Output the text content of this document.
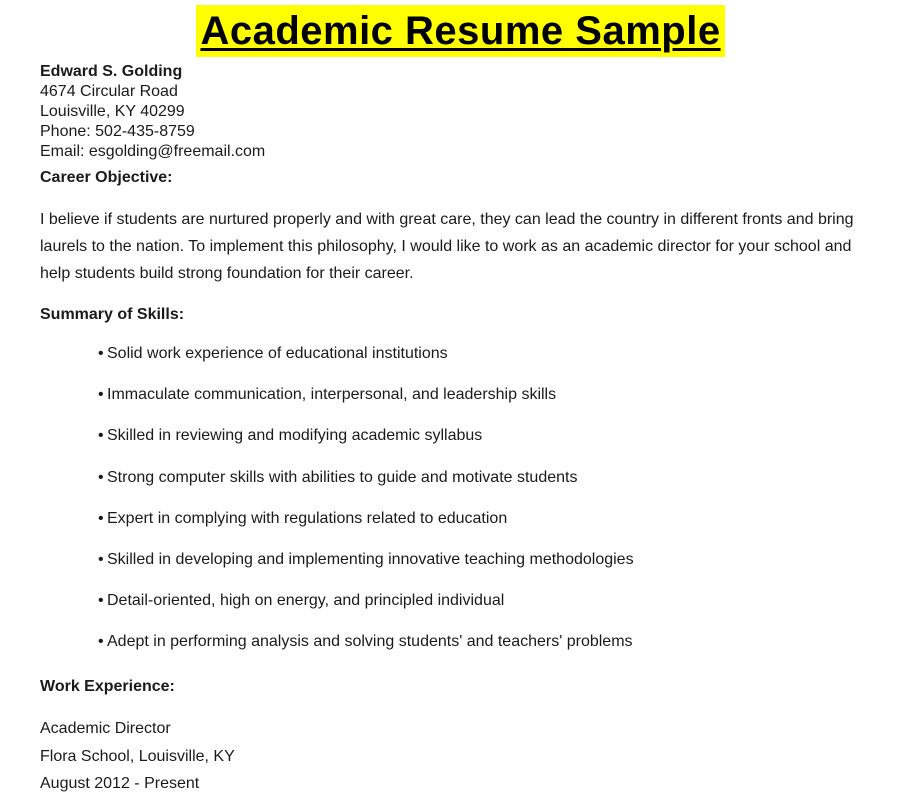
Academic Resume Sample
Edward S. Golding
4674 Circular Road
Louisville, KY 40299
Phone: 502-435-8759
Email: esgolding@freemail.com
Career Objective:
I believe if students are nurtured properly and with great care, they can lead the country in different fronts and bring laurels to the nation. To implement this philosophy, I would like to work as an academic director for your school and help students build strong foundation for their career.
Summary of Skills:
• Solid work experience of educational institutions
• Immaculate communication, interpersonal, and leadership skills
• Skilled in reviewing and modifying academic syllabus
• Strong computer skills with abilities to guide and motivate students
• Expert in complying with regulations related to education
• Skilled in developing and implementing innovative teaching methodologies
• Detail-oriented, high on energy, and principled individual
• Adept in performing analysis and solving students' and teachers' problems
Work Experience:
Academic Director
Flora School, Louisville, KY
August 2012 - Present
